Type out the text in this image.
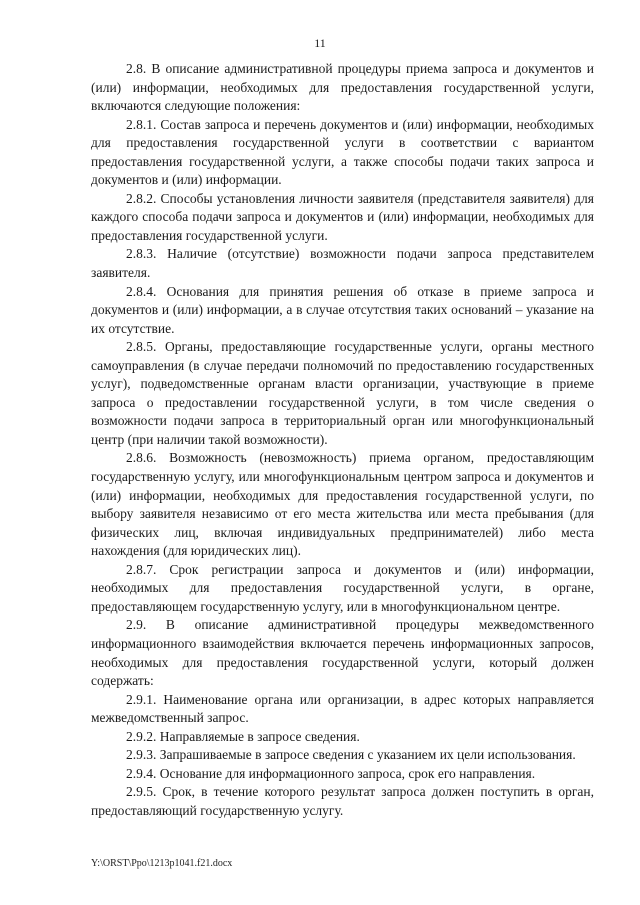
11

2.8. В описание административной процедуры приема запроса и документов и (или) информации, необходимых для предоставления государственной услуги, включаются следующие положения:

2.8.1. Состав запроса и перечень документов и (или) информации, необходимых для предоставления государственной услуги в соответствии с вариантом предоставления государственной услуги, а также способы подачи таких запроса и документов и (или) информации.

2.8.2. Способы установления личности заявителя (представителя заявителя) для каждого способа подачи запроса и документов и (или) информации, необходимых для предоставления государственной услуги.

2.8.3. Наличие (отсутствие) возможности подачи запроса представителем заявителя.

2.8.4. Основания для принятия решения об отказе в приеме запроса и документов и (или) информации, а в случае отсутствия таких оснований – указание на их отсутствие.

2.8.5. Органы, предоставляющие государственные услуги, органы местного самоуправления (в случае передачи полномочий по предоставлению государственных услуг), подведомственные органам власти организации, участвующие в приеме запроса о предоставлении государственной услуги, в том числе сведения о возможности подачи запроса в территориальный орган или многофункциональный центр (при наличии такой возможности).

2.8.6. Возможность (невозможность) приема органом, предоставляющим государственную услугу, или многофункциональным центром запроса и документов и (или) информации, необходимых для предоставления государственной услуги, по выбору заявителя независимо от его места жительства или места пребывания (для физических лиц, включая индивидуальных предпринимателей) либо места нахождения (для юридических лиц).

2.8.7. Срок регистрации запроса и документов и (или) информации, необходимых для предоставления государственной услуги, в органе, предоставляющем государственную услугу, или в многофункциональном центре.

2.9. В описание административной процедуры межведомственного информационного взаимодействия включается перечень информационных запросов, необходимых для предоставления государственной услуги, который должен содержать:

2.9.1. Наименование органа или организации, в адрес которых направляется межведомственный запрос.

2.9.2. Направляемые в запросе сведения.

2.9.3. Запрашиваемые в запросе сведения с указанием их цели использования.

2.9.4. Основание для информационного запроса, срок его направления.

2.9.5. Срок, в течение которого результат запроса должен поступить в орган, предоставляющий государственную услугу.

Y:\ORST\Ppo\1213p1041.f21.docx
